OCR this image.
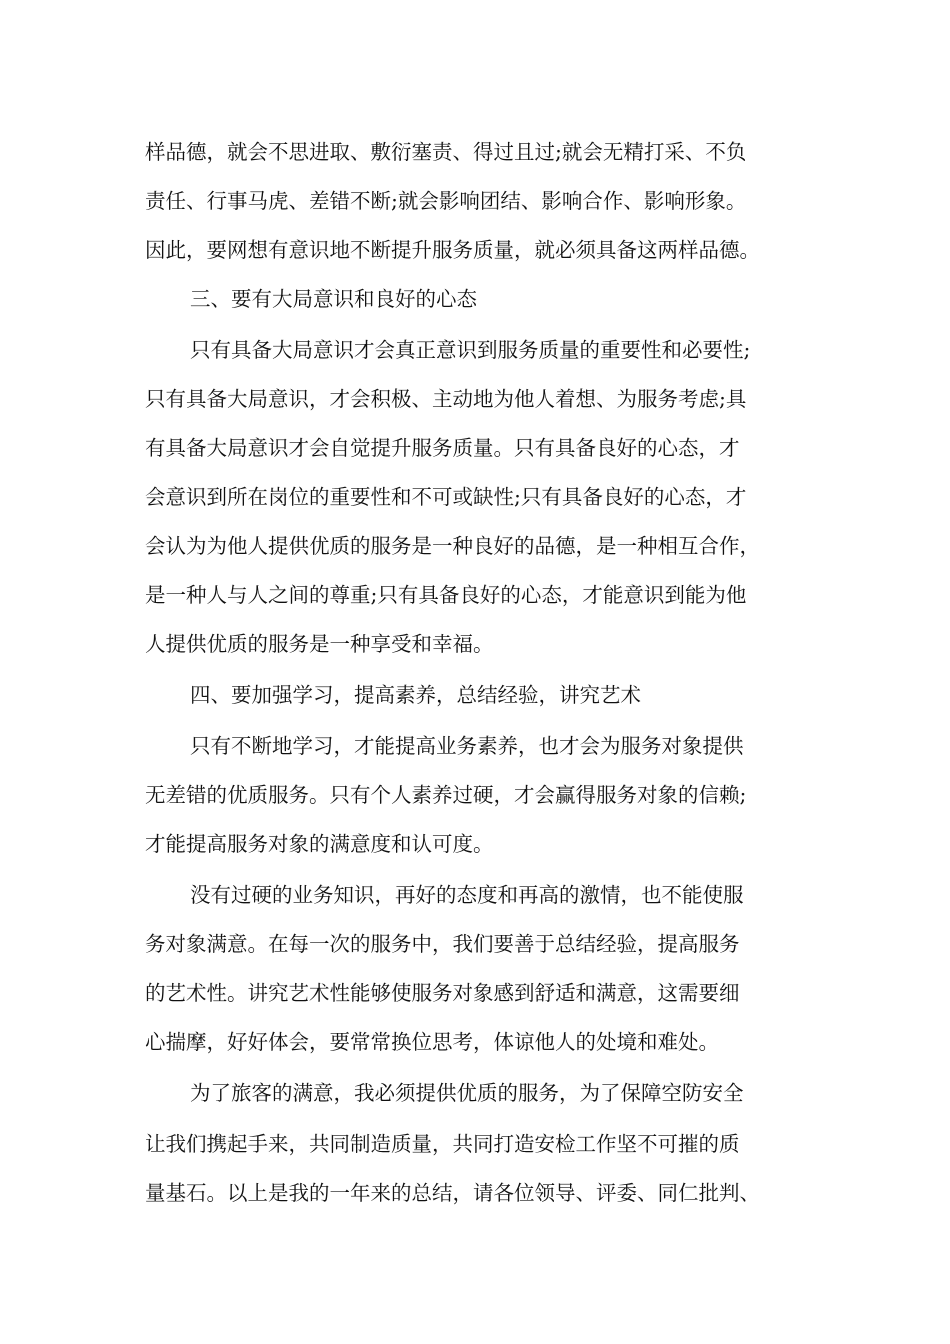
样品德，就会不思进取、敷衍塞责、得过且过;就会无精打采、不负
责任、行事马虎、差错不断;就会影响团结、影响合作、影响形象。
因此，要网想有意识地不断提升服务质量，就必须具备这两样品德。
三、要有大局意识和良好的心态
只有具备大局意识才会真正意识到服务质量的重要性和必要性;
只有具备大局意识，才会积极、主动地为他人着想、为服务考虑;具
有具备大局意识才会自觉提升服务质量。只有具备良好的心态，才
会意识到所在岗位的重要性和不可或缺性;只有具备良好的心态，才
会认为为他人提供优质的服务是一种良好的品德，是一种相互合作，
是一种人与人之间的尊重;只有具备良好的心态，才能意识到能为他
人提供优质的服务是一种享受和幸福。
四、要加强学习，提高素养，总结经验，讲究艺术
只有不断地学习，才能提高业务素养，也才会为服务对象提供
无差错的优质服务。只有个人素养过硬，才会赢得服务对象的信赖;
才能提高服务对象的满意度和认可度。
没有过硬的业务知识，再好的态度和再高的激情，也不能使服
务对象满意。在每一次的服务中，我们要善于总结经验，提高服务
的艺术性。讲究艺术性能够使服务对象感到舒适和满意，这需要细
心揣摩，好好体会，要常常换位思考，体谅他人的处境和难处。
为了旅客的满意，我必须提供优质的服务，为了保障空防安全
让我们携起手来，共同制造质量，共同打造安检工作坚不可摧的质
量基石。以上是我的一年来的总结，请各位领导、评委、同仁批判、
